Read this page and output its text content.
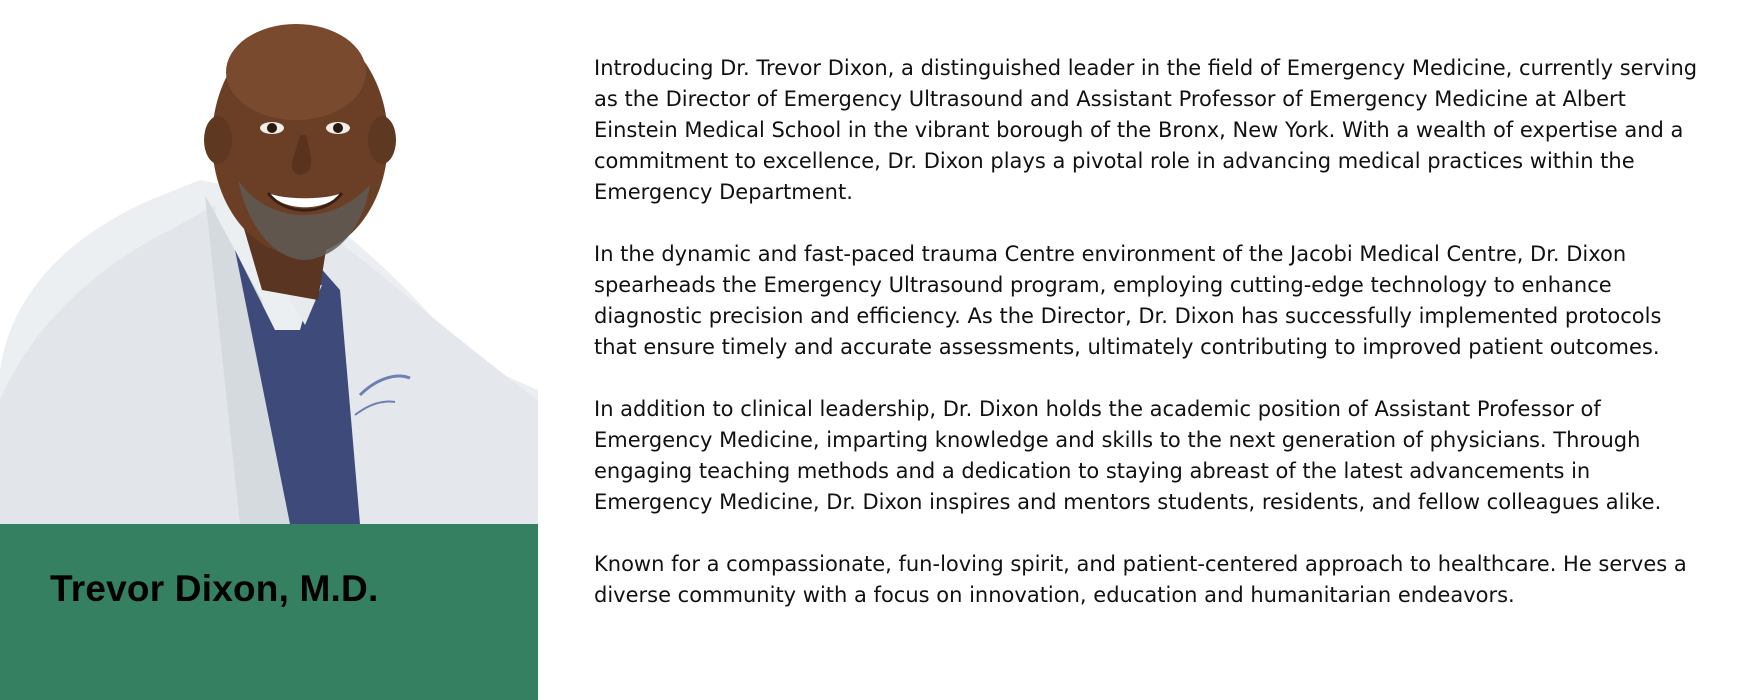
Trevor Dixon, M.D.

Introducing Dr. Trevor Dixon, a distinguished leader in the field of Emergency Medicine, currently serving as the Director of Emergency Ultrasound and Assistant Professor of Emergency Medicine at Albert Einstein Medical School in the vibrant borough of the Bronx, New York. With a wealth of expertise and a commitment to excellence, Dr. Dixon plays a pivotal role in advancing medical practices within the Emergency Department.

In the dynamic and fast-paced trauma Centre environment of the Jacobi Medical Centre, Dr. Dixon spearheads the Emergency Ultrasound program, employing cutting-edge technology to enhance diagnostic precision and efficiency. As the Director, Dr. Dixon has successfully implemented protocols that ensure timely and accurate assessments, ultimately contributing to improved patient outcomes.

In addition to clinical leadership, Dr. Dixon holds the academic position of Assistant Professor of Emergency Medicine, imparting knowledge and skills to the next generation of physicians. Through engaging teaching methods and a dedication to staying abreast of the latest advancements in Emergency Medicine, Dr. Dixon inspires and mentors students, residents, and fellow colleagues alike.

Known for a compassionate, fun-loving spirit, and patient-centered approach to healthcare. He serves a diverse community with a focus on innovation, education and humanitarian endeavors.
